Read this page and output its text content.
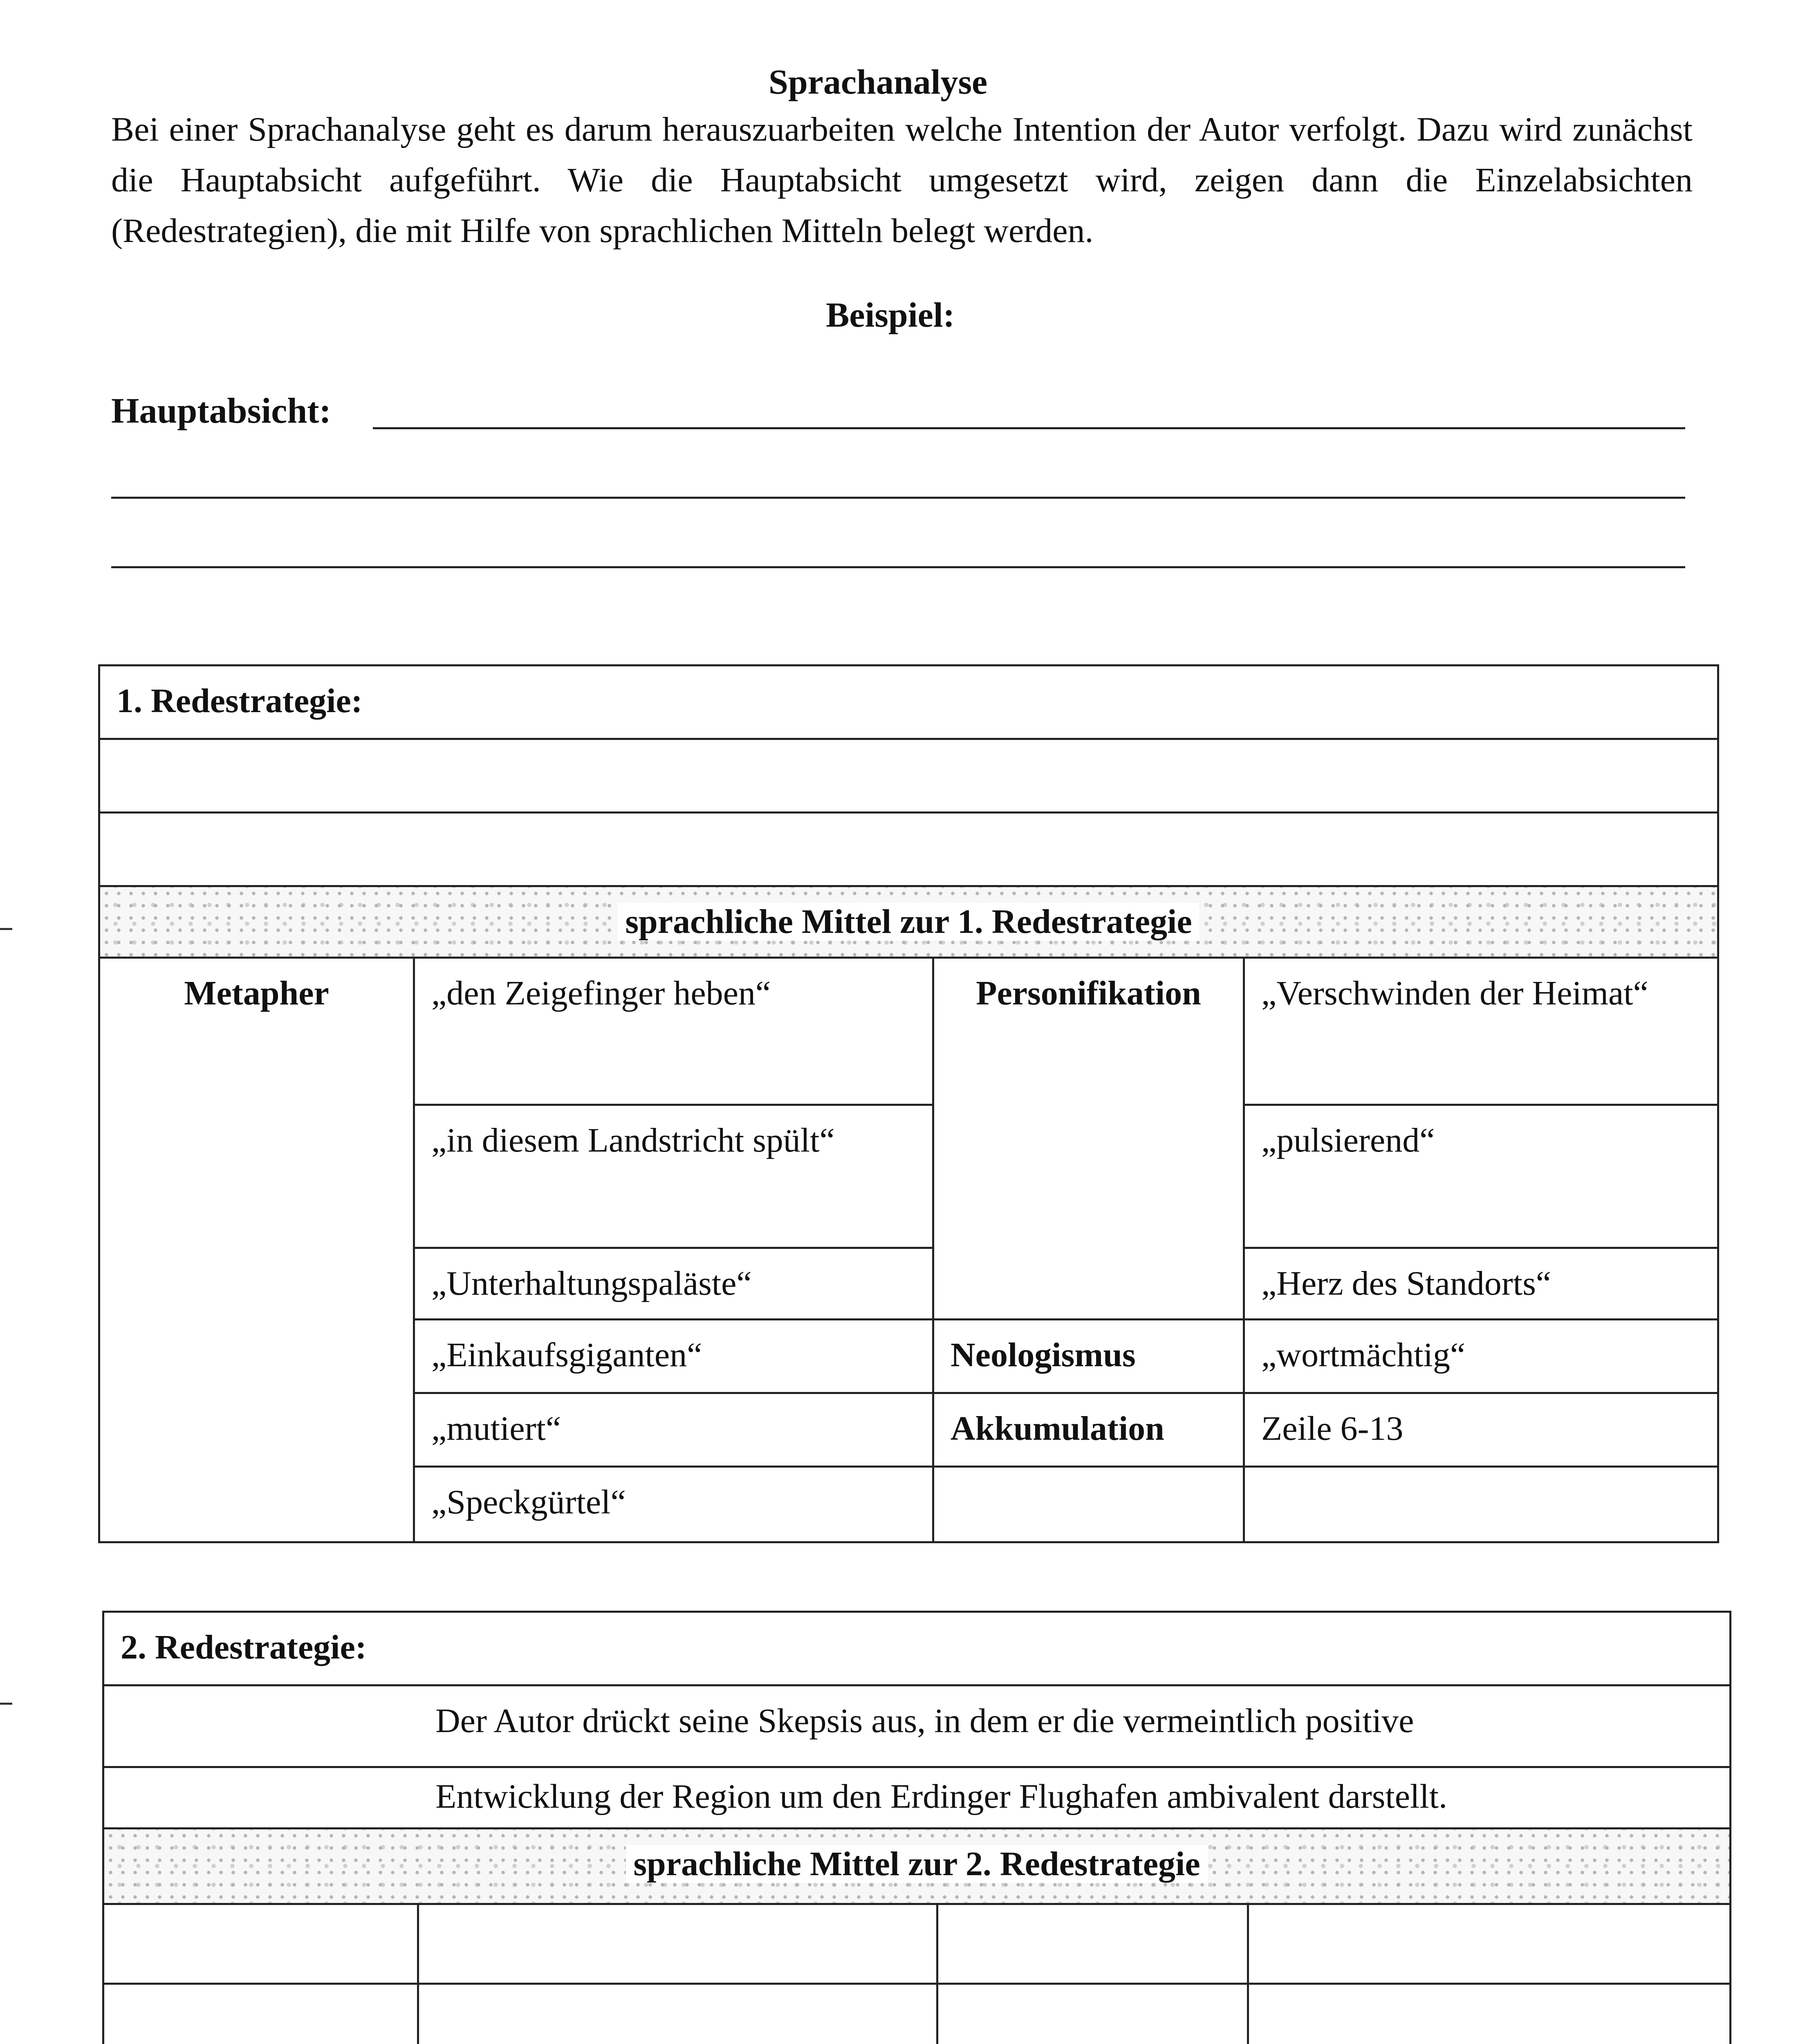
Sprachanalyse
Bei einer Sprachanalyse geht es darum herauszuarbeiten welche Intention der Autor verfolgt. Dazu wird zunächst die Hauptabsicht aufgeführt. Wie die Hauptabsicht umgesetzt wird, zeigen dann die Einzelabsichten (Redestrategien), die mit Hilfe von sprachlichen Mitteln belegt werden.
Beispiel:
Hauptabsicht:
1. Redestrategie:			

sprachliche Mittel zur 1. Redestrategie			
Metapher	„den Zeigefinger heben“	Personifikation	„Verschwinden der Heimat“
	„in diesem Landstricht spült“		„pulsierend“
	„Unterhaltungspaläste“		„Herz des Standorts“
	„Einkaufsgiganten“	Neologismus	„wortmächtig“
	„mutiert“	Akkumulation	Zeile 6-13
	„Speckgürtel“		
2. Redestrategie:			
Der Autor drückt seine Skepsis aus, in dem er die vermeintlich positive			
Entwicklung der Region um den Erdinger Flughafen ambivalent darstellt.			
sprachliche Mittel zur 2. Redestrategie			
